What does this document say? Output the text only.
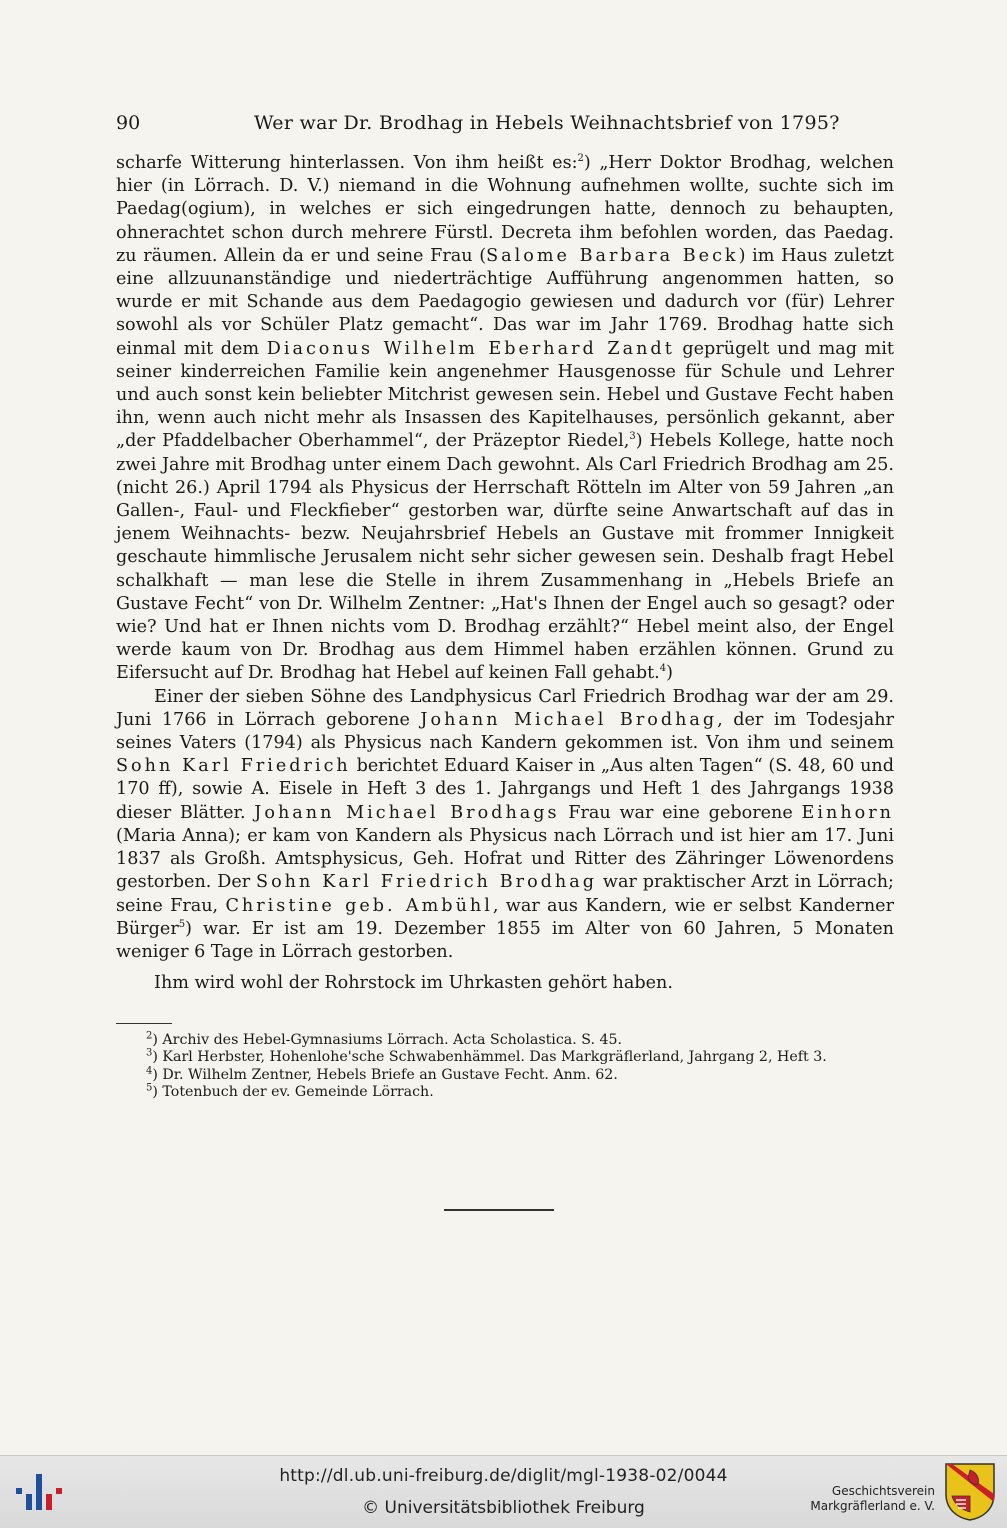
90	Wer war Dr. Brodhag in Hebels Weihnachtsbrief von 1795?

scharfe Witterung hinterlassen. Von ihm heißt es:$^2$) „Herr Doktor Brodhag, welchen hier (in Lörrach. D. V.) niemand in die Wohnung aufnehmen wollte, suchte sich im Paedag(ogium), in welches er sich eingedrungen hatte, dennoch zu behaupten, ohnerachtet schon durch mehrere Fürstl. Decreta ihm befohlen worden, das Paedag. zu räumen. Allein da er und seine Frau (Salome Barbara Beck) im Haus zuletzt eine allzuunanständige und niederträchtige Aufführung angenommen hatten, so wurde er mit Schande aus dem Paedagogio gewiesen und dadurch vor (für) Lehrer sowohl als vor Schüler Platz gemacht“. Das war im Jahr 1769. Brodhag hatte sich einmal mit dem Diaconus Wilhelm Eberhard Zandt geprügelt und mag mit seiner kinderreichen Familie kein angenehmer Hausgenosse für Schule und Lehrer und auch sonst kein beliebter Mitchrist gewesen sein. Hebel und Gustave Fecht haben ihn, wenn auch nicht mehr als Insassen des Kapitelhauses, persönlich gekannt, aber „der Pfaddelbacher Oberhammel“, der Präzeptor Riedel,$^3$) Hebels Kollege, hatte noch zwei Jahre mit Brodhag unter einem Dach gewohnt. Als Carl Friedrich Brodhag am 25. (nicht 26.) April 1794 als Physicus der Herrschaft Rötteln im Alter von 59 Jahren „an Gallen-, Faul- und Fleckfieber“ gestorben war, dürfte seine Anwartschaft auf das in jenem Weihnachts- bezw. Neujahrsbrief Hebels an Gustave mit frommer Innigkeit geschaute himmlische Jerusalem nicht sehr sicher gewesen sein. Deshalb fragt Hebel schalkhaft — man lese die Stelle in ihrem Zusammenhang in „Hebels Briefe an Gustave Fecht“ von Dr. Wilhelm Zentner: „Hat's Ihnen der Engel auch so gesagt? oder wie? Und hat er Ihnen nichts vom D. Brodhag erzählt?“ Hebel meint also, der Engel werde kaum von Dr. Brodhag aus dem Himmel haben erzählen können. Grund zu Eifersucht auf Dr. Brodhag hat Hebel auf keinen Fall gehabt.$^4$)

Einer der sieben Söhne des Landphysicus Carl Friedrich Brodhag war der am 29. Juni 1766 in Lörrach geborene Johann Michael Brodhag, der im Todesjahr seines Vaters (1794) als Physicus nach Kandern gekommen ist. Von ihm und seinem Sohn Karl Friedrich berichtet Eduard Kaiser in „Aus alten Tagen“ (S. 48, 60 und 170 ff), sowie A. Eisele in Heft 3 des 1. Jahrgangs und Heft 1 des Jahrgangs 1938 dieser Blätter. Johann Michael Brodhags Frau war eine geborene Einhorn (Maria Anna); er kam von Kandern als Physicus nach Lörrach und ist hier am 17. Juni 1837 als Großh. Amtsphysicus, Geh. Hofrat und Ritter des Zähringer Löwenordens gestorben. Der Sohn Karl Friedrich Brodhag war praktischer Arzt in Lörrach; seine Frau, Christine geb. Ambühl, war aus Kandern, wie er selbst Kanderner Bürger$^5$) war. Er ist am 19. Dezember 1855 im Alter von 60 Jahren, 5 Monaten weniger 6 Tage in Lörrach gestorben.

Ihm wird wohl der Rohrstock im Uhrkasten gehört haben.

$^2$) Archiv des Hebel-Gymnasiums Lörrach. Acta Scholastica. S. 45.

$^3$) Karl Herbster, Hohenlohe'sche Schwabenhämmel. Das Markgräflerland, Jahrgang 2, Heft 3.

$^4$) Dr. Wilhelm Zentner, Hebels Briefe an Gustave Fecht. Anm. 62.

$^5$) Totenbuch der ev. Gemeinde Lörrach.

http://dl.ub.uni-freiburg.de/diglit/mgl-1938-02/0044
© Universitätsbibliothek Freiburg
Geschichtsverein
Markgräflerland e. V.
